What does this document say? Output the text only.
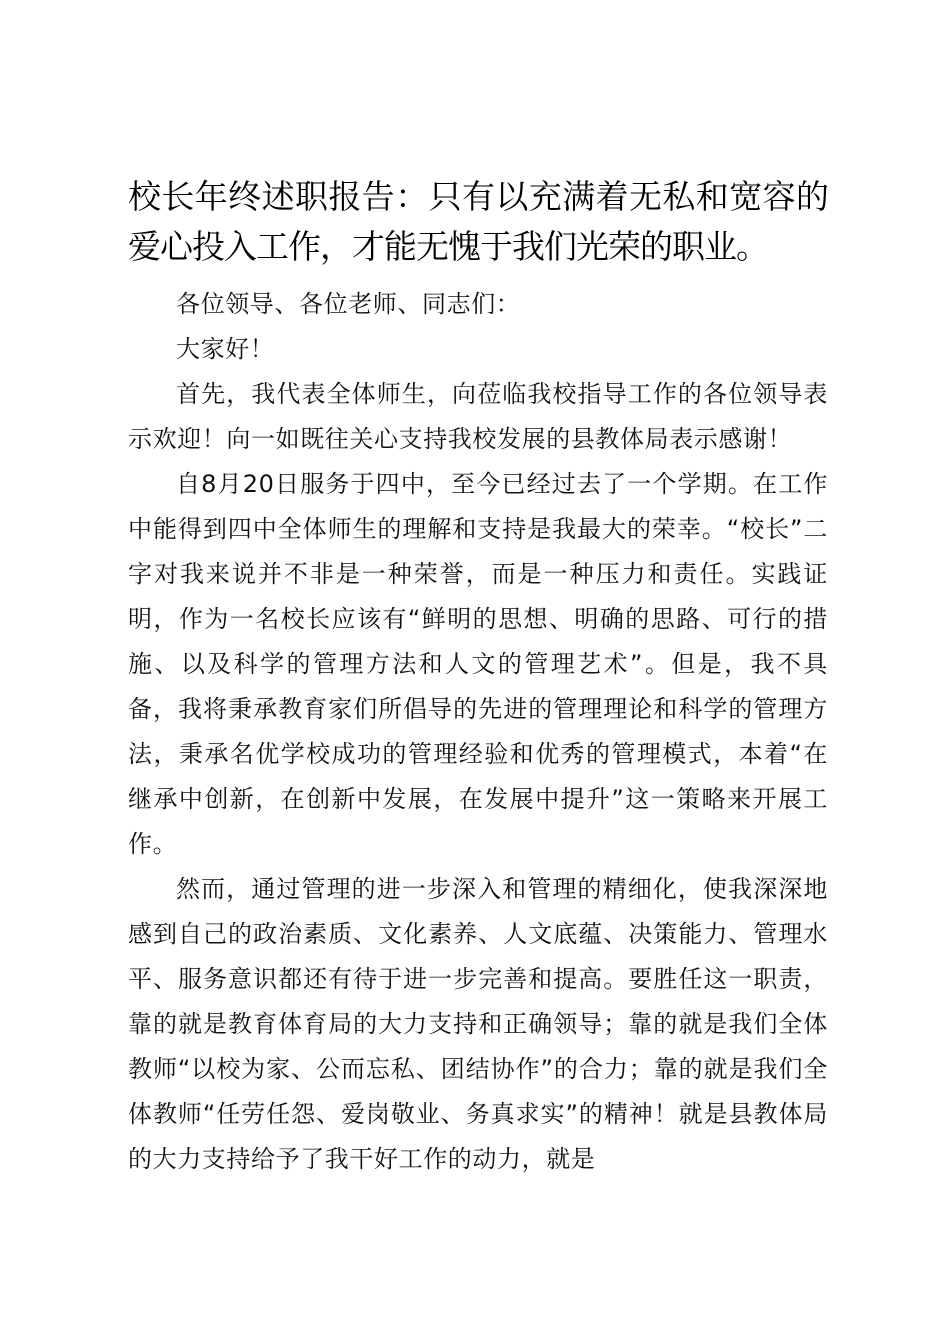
校长年终述职报告：只有以充满着无私和宽容的爱心投入工作，才能无愧于我们光荣的职业。

各位领导、各位老师、同志们：

大家好！

首先，我代表全体师生，向莅临我校指导工作的各位领导表示欢迎！向一如既往关心支持我校发展的县教体局表示感谢！

自8月20日服务于四中，至今已经过去了一个学期。在工作中能得到四中全体师生的理解和支持是我最大的荣幸。“校长”二字对我来说并不非是一种荣誉，而是一种压力和责任。实践证明，作为一名校长应该有“鲜明的思想、明确的思路、可行的措施、以及科学的管理方法和人文的管理艺术”。但是，我不具备，我将秉承教育家们所倡导的先进的管理理论和科学的管理方法，秉承名优学校成功的管理经验和优秀的管理模式，本着“在继承中创新，在创新中发展，在发展中提升”这一策略来开展工作。

然而，通过管理的进一步深入和管理的精细化，使我深深地感到自己的政治素质、文化素养、人文底蕴、决策能力、管理水平、服务意识都还有待于进一步完善和提高。要胜任这一职责，靠的就是教育体育局的大力支持和正确领导；靠的就是我们全体教师“以校为家、公而忘私、团结协作”的合力；靠的就是我们全体教师“任劳任怨、爱岗敬业、务真求实”的精神！就是县教体局的大力支持给予了我干好工作的动力，就是
